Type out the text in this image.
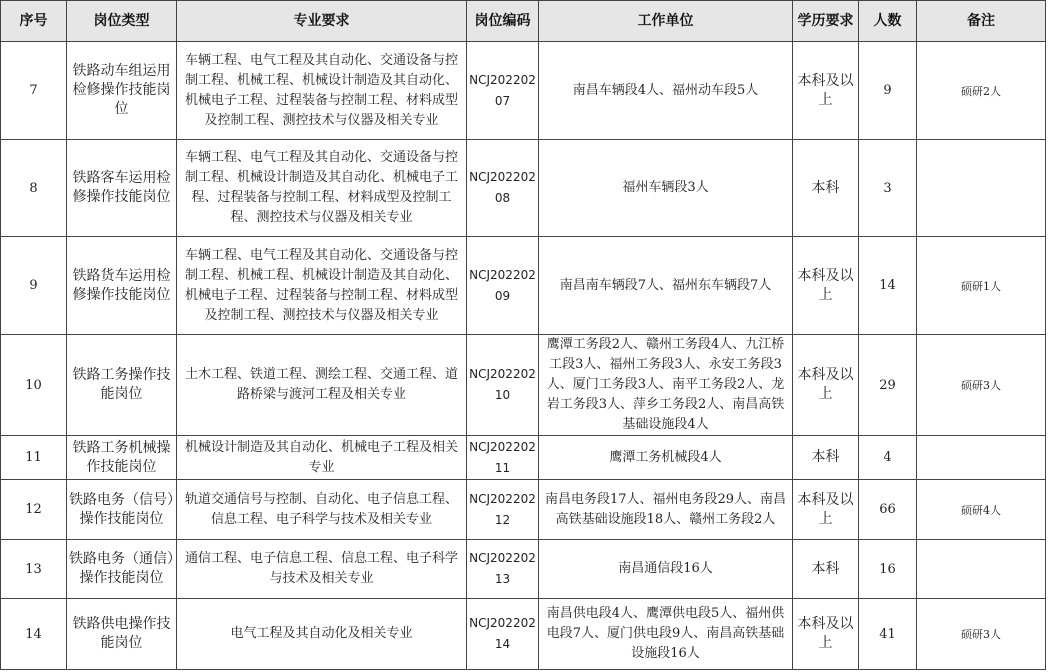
序号	岗位类型	专业要求	岗位编码	工作单位	学历要求	人数	备注

7	铁路动车组运用检修操作技能岗位	车辆工程、电气工程及其自动化、交通设备与控制工程、机械工程、机械设计制造及其自动化、机械电子工程、过程装备与控制工程、材料成型及控制工程、测控技术与仪器及相关专业	NCJ20220207	南昌车辆段4人、福州动车段5人	本科及以上	9	硕研2人

8	铁路客车运用检修操作技能岗位	车辆工程、电气工程及其自动化、交通设备与控制工程、机械设计制造及其自动化、机械电子工程、过程装备与控制工程、材料成型及控制工程、测控技术与仪器及相关专业	NCJ20220208	福州车辆段3人	本科	3	

9	铁路货车运用检修操作技能岗位	车辆工程、电气工程及其自动化、交通设备与控制工程、机械工程、机械设计制造及其自动化、机械电子工程、过程装备与控制工程、材料成型及控制工程、测控技术与仪器及相关专业	NCJ20220209	南昌南车辆段7人、福州东车辆段7人	本科及以上	14	硕研1人

10	铁路工务操作技能岗位	土木工程、铁道工程、测绘工程、交通工程、道路桥梁与渡河工程及相关专业	NCJ20220210	鹰潭工务段2人、赣州工务段4人、九江桥工段3人、福州工务段3人、永安工务段3人、厦门工务段3人、南平工务段2人、龙岩工务段3人、萍乡工务段2人、南昌高铁基础设施段4人	本科及以上	29	硕研3人

11	铁路工务机械操作技能岗位	机械设计制造及其自动化、机械电子工程及相关专业	NCJ20220211	鹰潭工务机械段4人	本科	4	

12	铁路电务（信号）操作技能岗位	轨道交通信号与控制、自动化、电子信息工程、信息工程、电子科学与技术及相关专业	NCJ20220212	南昌电务段17人、福州电务段29人、南昌高铁基础设施段18人、赣州工务段2人	本科及以上	66	硕研4人

13	铁路电务（通信）操作技能岗位	通信工程、电子信息工程、信息工程、电子科学与技术及相关专业	NCJ20220213	南昌通信段16人	本科	16	

14	铁路供电操作技能岗位	电气工程及其自动化及相关专业	NCJ20220214	南昌供电段4人、鹰潭供电段5人、福州供电段7人、厦门供电段9人、南昌高铁基础设施段16人	本科及以上	41	硕研3人
